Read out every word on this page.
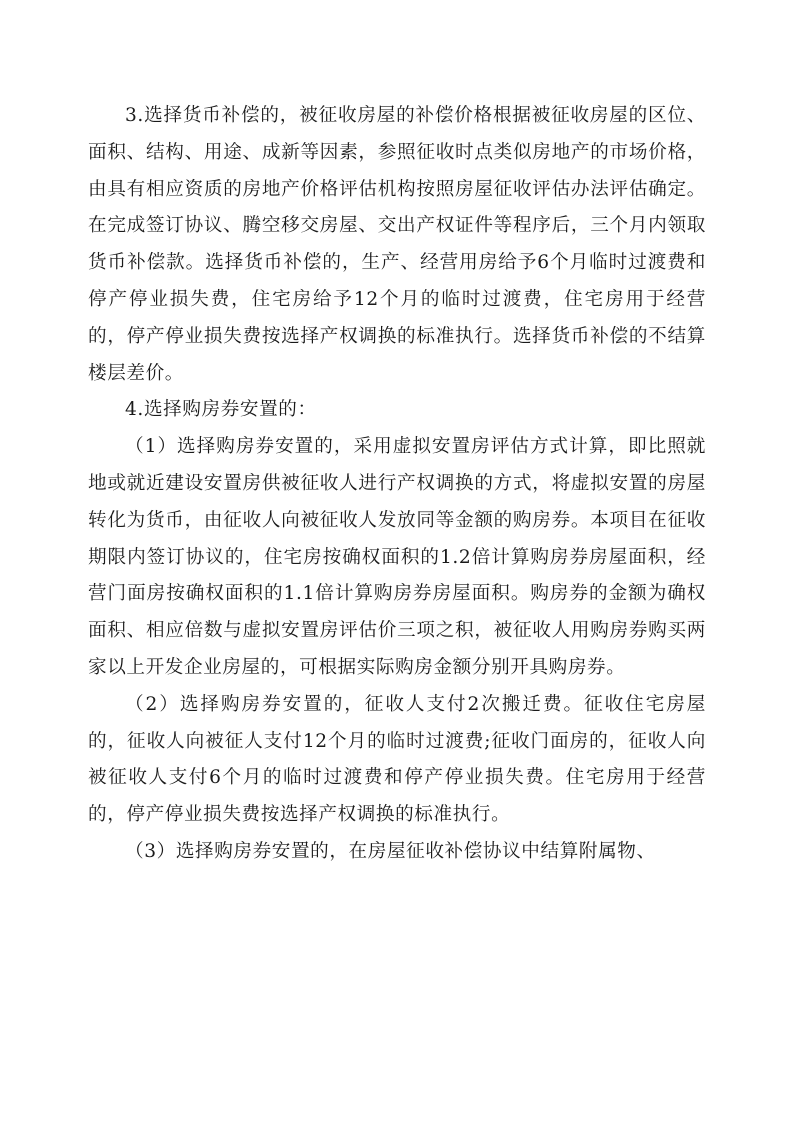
3.选择货币补偿的，被征收房屋的补偿价格根据被征收房屋的区位、面积、结构、用途、成新等因素，参照征收时点类似房地产的市场价格，由具有相应资质的房地产价格评估机构按照房屋征收评估办法评估确定。在完成签订协议、腾空移交房屋、交出产权证件等程序后，三个月内领取货币补偿款。选择货币补偿的，生产、经营用房给予6个月临时过渡费和停产停业损失费，住宅房给予12个月的临时过渡费，住宅房用于经营的，停产停业损失费按选择产权调换的标准执行。选择货币补偿的不结算楼层差价。

4.选择购房券安置的：

（1）选择购房券安置的，采用虚拟安置房评估方式计算，即比照就地或就近建设安置房供被征收人进行产权调换的方式，将虚拟安置的房屋转化为货币，由征收人向被征收人发放同等金额的购房券。本项目在征收期限内签订协议的，住宅房按确权面积的1.2倍计算购房券房屋面积，经营门面房按确权面积的1.1倍计算购房券房屋面积。购房券的金额为确权面积、相应倍数与虚拟安置房评估价三项之积，被征收人用购房券购买两家以上开发企业房屋的，可根据实际购房金额分别开具购房券。

（2）选择购房券安置的，征收人支付2次搬迁费。征收住宅房屋的，征收人向被征人支付12个月的临时过渡费;征收门面房的，征收人向被征收人支付6个月的临时过渡费和停产停业损失费。住宅房用于经营的，停产停业损失费按选择产权调换的标准执行。

（3）选择购房券安置的，在房屋征收补偿协议中结算附属物、
